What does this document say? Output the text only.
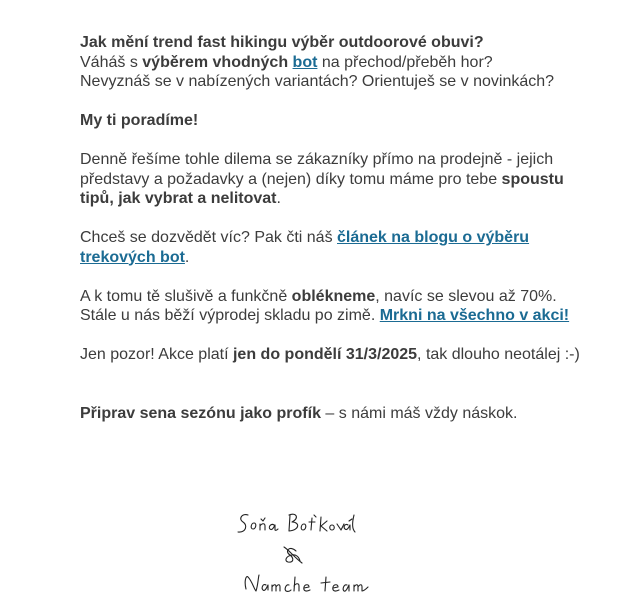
Jak mění trend fast hikingu výběr outdoorové obuvi?
Váháš s výběrem vhodných bot na přechod/přeběh hor?
Nevyznáš se v nabízených variantách? Orientuješ se v novinkách?

My ti poradíme!

Denně řešíme tohle dilema se zákazníky přímo na prodejně - jejich představy a požadavky a (nejen) díky tomu máme pro tebe spoustu tipů, jak vybrat a nelitovat.

Chceš se dozvědět víc? Pak čti náš článek na blogu o výběru trekových bot.

A k tomu tě slušivě a funkčně oblékneme, navíc se slevou až 70%. Stále u nás běží výprodej skladu po zimě. Mrkni na všechno v akci!

Jen pozor! Akce platí jen do pondělí 31/3/2025, tak dlouho neotálej :-)

Připrav sena sezónu jako profík – s námi máš vždy náskok.
